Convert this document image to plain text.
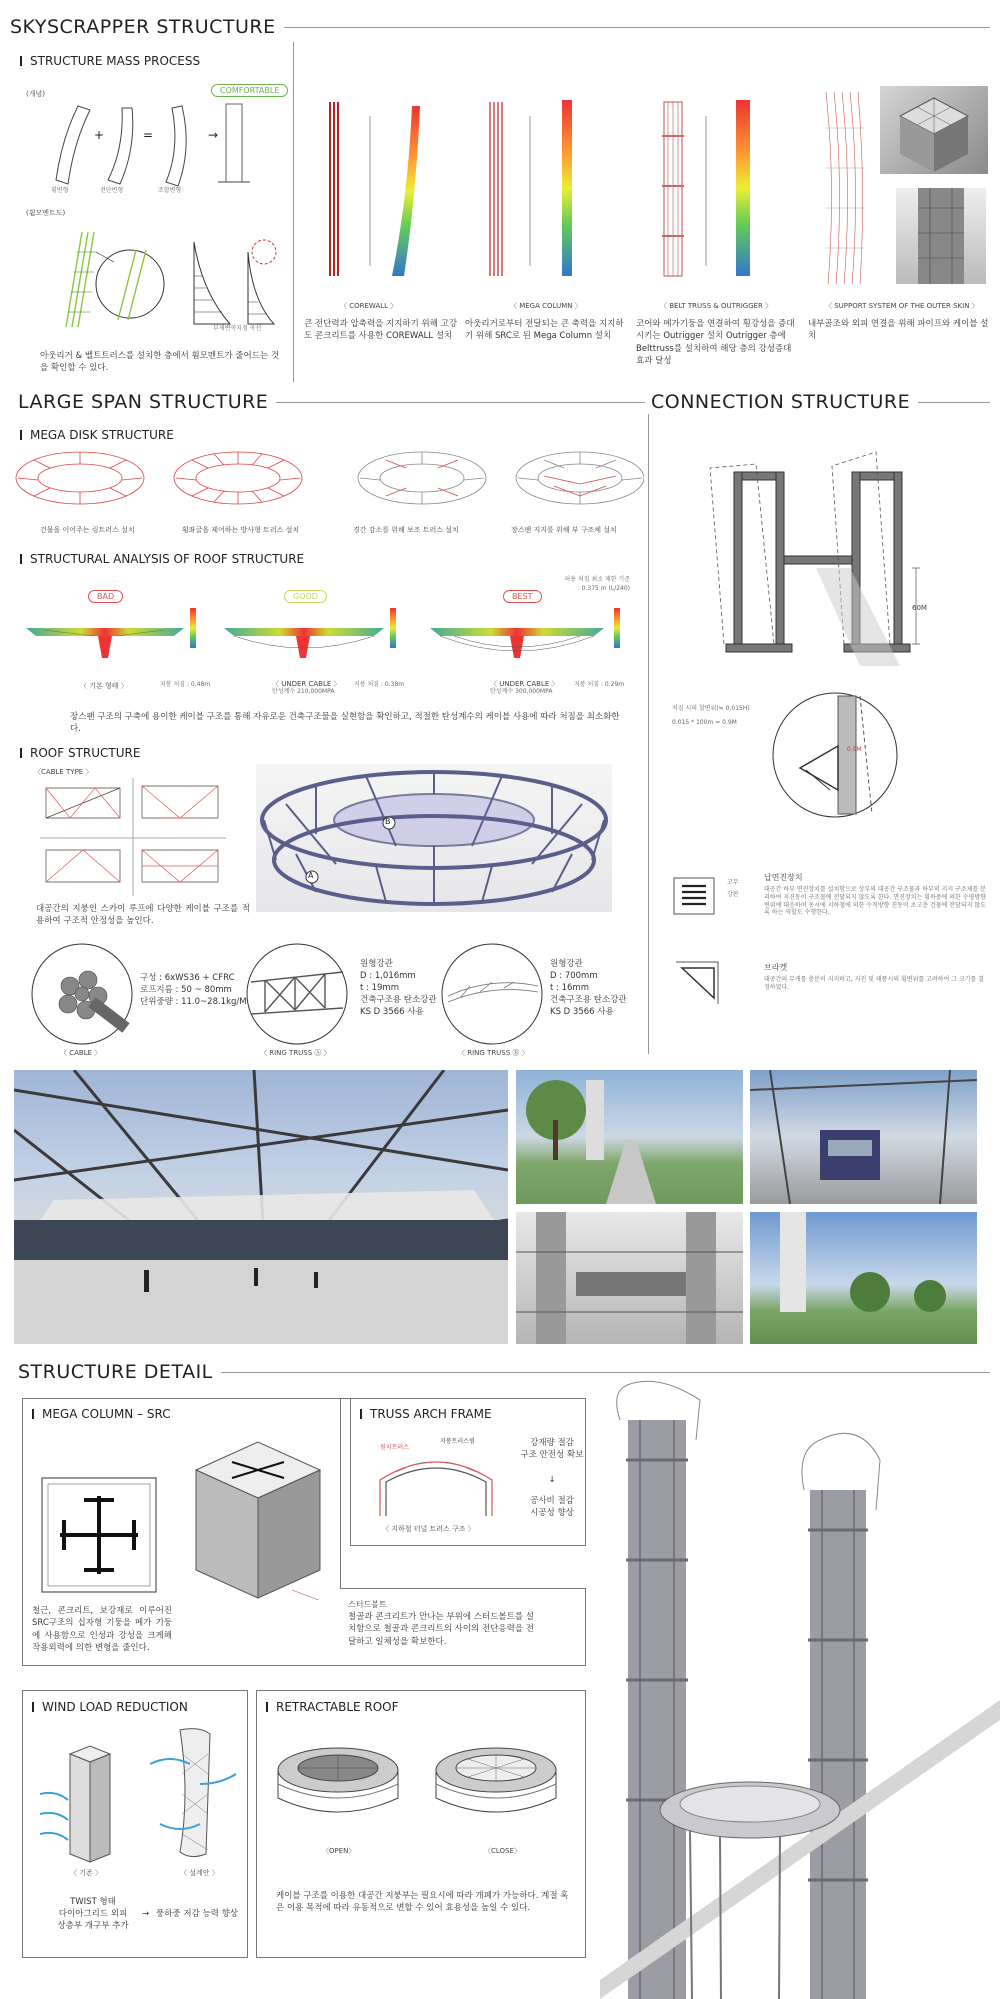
SKYSCRAPPER STRUCTURE
STRUCTURE MASS PROCESS
(개념)	COMFORTABLE
+	=	→
횡변형	전단변형	조합변형
(휨모멘트도)
부재변곡지점 곡선
아웃리거 & 벨트트러스를 설치한 층에서 휨모멘트가 줄어드는 것을 확인할 수 있다.
〈 COREWALL 〉	〈 MEGA COLUMN 〉	〈 BELT TRUSS & OUTRIGGER 〉	〈 SUPPORT SYSTEM OF THE OUTER SKIN 〉
큰 전단력과 압축력을 지지하기 위해 고강도 콘크리트를 사용한 COREWALL 설치
아웃리거로부터 전달되는 큰 축력을 지지하기 위해 SRC로 된 Mega Column 설치
코어와 메가기둥을 연결하여 횡강성을 증대시키는 Outrigger 설치 Outrigger 층에 Belttruss를 설치하여 해당 층의 강성증대 효과 달성
내부골조와 외피 연결을 위해 파이프와 케이블 설치
LARGE SPAN STRUCTURE	CONNECTION STRUCTURE
MEGA DISK STRUCTURE
건물을 이어주는 링트러스 설치	횡좌굴을 제어하는 방사형 트러스 설치	경간 감소를 위해 보조 트러스 설치	장스팬 지지를 위해 부 구조체 설치
STRUCTURAL ANALYSIS OF ROOF STRUCTURE
허용 처짐 최소 제한 기준
: 0.375 m (L/240)
BAD	GOOD	BEST
〈 기본 형태 〉	지붕 처짐 : 0.48m	〈 UNDER CABLE 〉
탄성계수 210,000MPA
지붕 처짐 : 0.38m	〈 UNDER CABLE 〉
탄성계수 300,000MPA
지붕 처짐 : 0.29m
장스팬 구조의 구축에 용이한 케이블 구조를 통해 자유로운 건축구조물을 실현함을 확인하고, 적절한 탄성계수의 케이블 사용에 따라 처짐을 최소화한다.
ROOF STRUCTURE
〈CABLE TYPE 〉
대공간의 지붕인 스카이 루프에 다양한 케이블 구조를 적용하여 구조적 안정성을 높인다.
B
A
구성 : 6xWS36 + CFRC
로프지름 : 50 ~ 80mm
단위중량 : 11.0~28.1kg/M
〈 CABLE 〉
원형강관
D : 1,016mm
t : 19mm
건축구조용 탄소강관
KS D 3566 사용
〈 RING TRUSS Ⓐ 〉
원형강관
D : 700mm
t : 16mm
건축구조용 탄소강관
KS D 3566 사용
〈 RING TRUSS Ⓑ 〉
60M
처짐 시의 할변위(≒ 0.015H)
0.015 * 100m = 0.9M
0.9M
고무
강판
납면진장치
대공간 하부 면진장치를 설치함으로 상부의 대공간 구조물과 하부의 지지 구조체를 분리하여 지진동이 구조물에 전달되지 않도록 한다. 면진장치는 횡하중에 의한 수평방향 변위에 대응하며 동시에 지하철에 의한 수직방향 진동이 초고층 건물에 전달되지 않도록 하는 역할도 수행한다.
브라켓
대공간의 무게를 충분히 지지하고, 지진 및 태풍시의 횡변위를 고려하여 그 크기를 결정하였다.
STRUCTURE DETAIL
MEGA COLUMN – SRC
철근, 콘크리트, 보강재로 이루어진 SRC구조의 십자형 기둥을 메가 기둥에 사용함으로 인성과 강성을 크게해 작용외력에 의한 변형을 줄인다.
스터드볼트
철골과 콘크리트가 만나는 부위에 스터드볼트를 설치함으로 철골과 콘크리트의 사이의 전단응력을 전달하고 일체성을 확보한다.
TRUSS ARCH FRAME
원치트러스
지붕트러스빔
〈 지하철 터널 트러스 구조 〉
강재량 절감
구조 안전성 확보
↓
공사비 절감
시공성 향상
WIND LOAD REDUCTION
〈 기존 〉	〈 설계안 〉
TWIST 형태
다이아그리드 외피
상층부 개구부 추가
→ 풍하중 저감 능력 향상
RETRACTABLE ROOF
〈OPEN〉	〈CLOSE〉
케이블 구조를 이용한 대공간 지붕부는 필요시에 따라 개폐가 가능하다. 계절 혹은 이용 목적에 따라 유동적으로 변할 수 있어 효용성을 높일 수 있다.
